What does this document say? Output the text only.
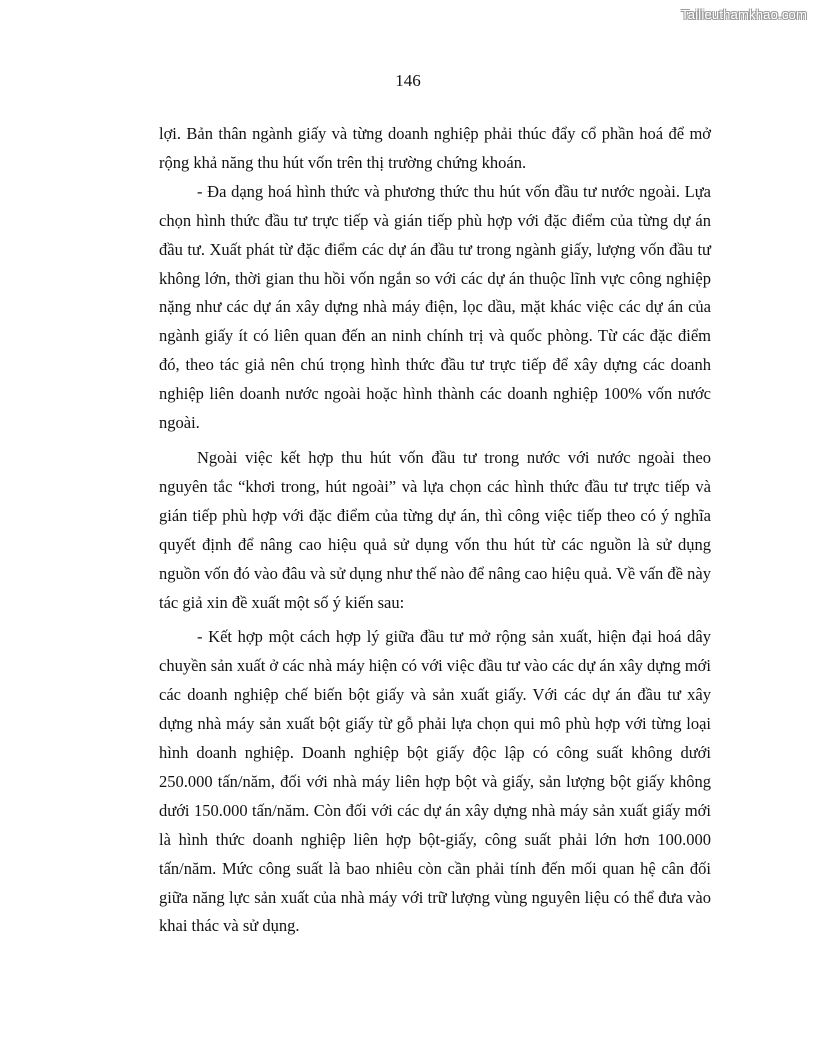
Tailieuthamkhao.com
146

lợi. Bản thân ngành giấy và từng doanh nghiệp phải thúc đẩy cổ phần hoá để mở rộng khả năng thu hút vốn trên thị trường chứng khoán.

- Đa dạng hoá hình thức và phương thức thu hút vốn đầu tư nước ngoài. Lựa chọn hình thức đầu tư trực tiếp và gián tiếp phù hợp với đặc điểm của từng dự án đầu tư. Xuất phát từ đặc điểm các dự án đầu tư trong ngành giấy, lượng vốn đầu tư không lớn, thời gian thu hồi vốn ngắn so với các dự án thuộc lĩnh vực công nghiệp nặng như các dự án xây dựng nhà máy điện, lọc dầu, mặt khác việc các dự án của ngành giấy ít có liên quan đến an ninh chính trị và quốc phòng. Từ các đặc điểm đó, theo tác giả nên chú trọng hình thức đầu tư trực tiếp để xây dựng các doanh nghiệp liên doanh nước ngoài hoặc hình thành các doanh nghiệp 100% vốn nước ngoài.

Ngoài việc kết hợp thu hút vốn đầu tư trong nước với nước ngoài theo nguyên tắc “khơi trong, hút ngoài” và lựa chọn các hình thức đầu tư trực tiếp và gián tiếp phù hợp với đặc điểm của từng dự án, thì công việc tiếp theo có ý nghĩa quyết định để nâng cao hiệu quả sử dụng vốn thu hút từ các nguồn là sử dụng nguồn vốn đó vào đâu và sử dụng như thế nào để nâng cao hiệu quả. Về vấn đề này tác giả xin đề xuất một số ý kiến sau:

- Kết hợp một cách hợp lý giữa đầu tư mở rộng sản xuất, hiện đại hoá dây chuyền sản xuất ở các nhà máy hiện có với việc đầu tư vào các dự án xây dựng mới các doanh nghiệp chế biến bột giấy và sản xuất giấy. Với các dự án đầu tư xây dựng nhà máy sản xuất bột giấy từ gỗ phải lựa chọn qui mô phù hợp với từng loại hình doanh nghiệp. Doanh nghiệp bột giấy độc lập có công suất không dưới 250.000 tấn/năm, đối với nhà máy liên hợp bột và giấy, sản lượng bột giấy không dưới 150.000 tấn/năm. Còn đối với các dự án xây dựng nhà máy sản xuất giấy mới là hình thức doanh nghiệp liên hợp bột-giấy, công suất phải lớn hơn 100.000 tấn/năm. Mức công suất là bao nhiêu còn cần phải tính đến mối quan hệ cân đối giữa năng lực sản xuất của nhà máy với trữ lượng vùng nguyên liệu có thể đưa vào khai thác và sử dụng.
